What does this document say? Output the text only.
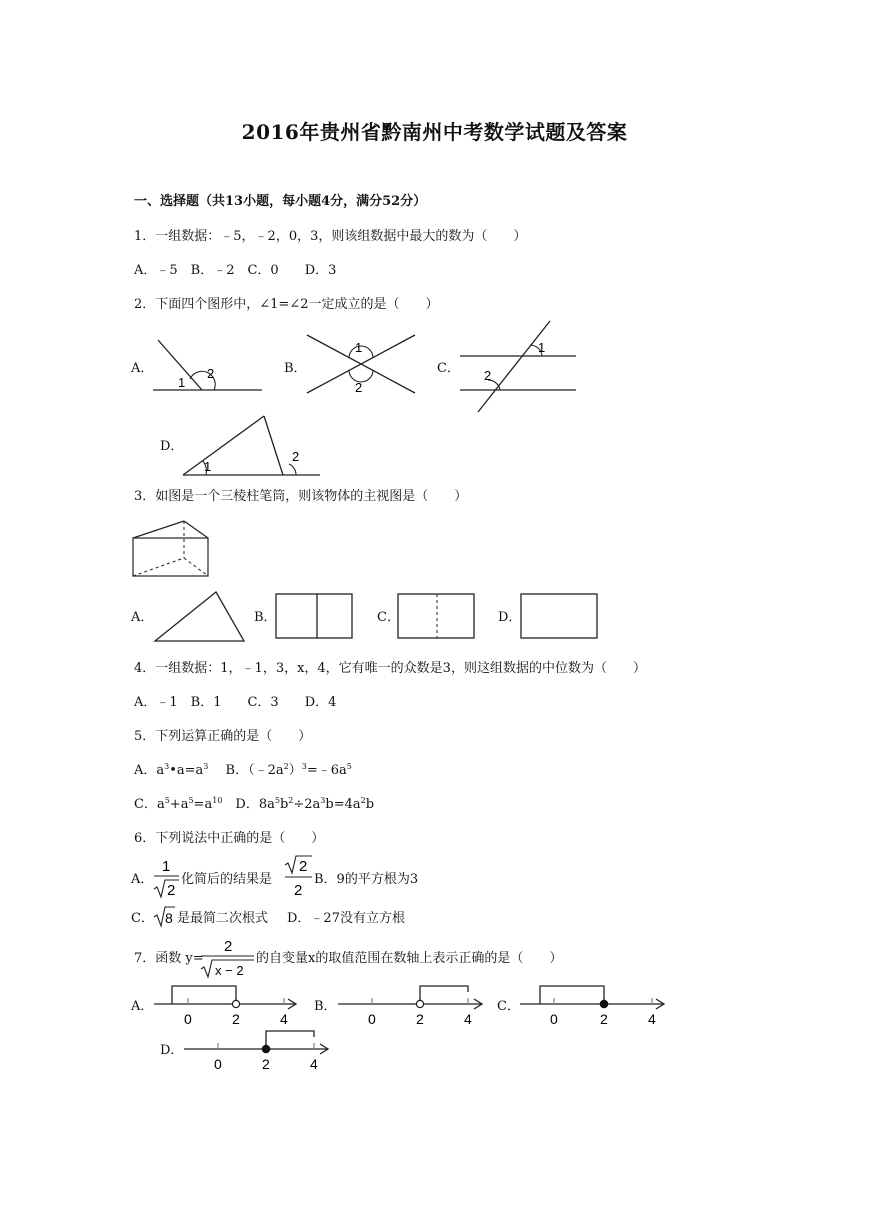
2016年贵州省黔南州中考数学试题及答案
一、选择题（共13小题，每小题4分，满分52分）
1．一组数据：﹣5，﹣2，0，3，则该组数据中最大的数为（　　）
A．﹣5　B．﹣2　C．0　　D．3
2．下面四个图形中，∠1=∠2一定成立的是（　　）
A．
1
2	B．
1
2
C．
1
2
D．
1
2
3．如图是一个三棱柱笔筒，则该物体的主视图是（　　）
A．	B．	C．	D．
4．一组数据：1，﹣1，3，x，4，它有唯一的众数是3，则这组数据的中位数为（　　）
A．﹣1　B．1　　C．3　　D．4
5．下列运算正确的是（　　）
A．$a^3•a=a^3$　 B．$(﹣2a^2)^3=﹣6a^5$
C．$a^5+a^5=a^{10}$　D．$8a^5b^2\div 2a^3b=4a^2b$
6．下列说法中正确的是（　　）
A．
1
2
化简后的结果是
2
2
B．9的平方根为3
C． 8 是最简二次根式 D．﹣27没有立方根
7．函数 y=
2
x − 2
的自变量x的取值范围在数轴上表示正确的是（　　）
A．
0	2	4
B．
0	2	4
C．
0	2	4
D．
0	2	4
